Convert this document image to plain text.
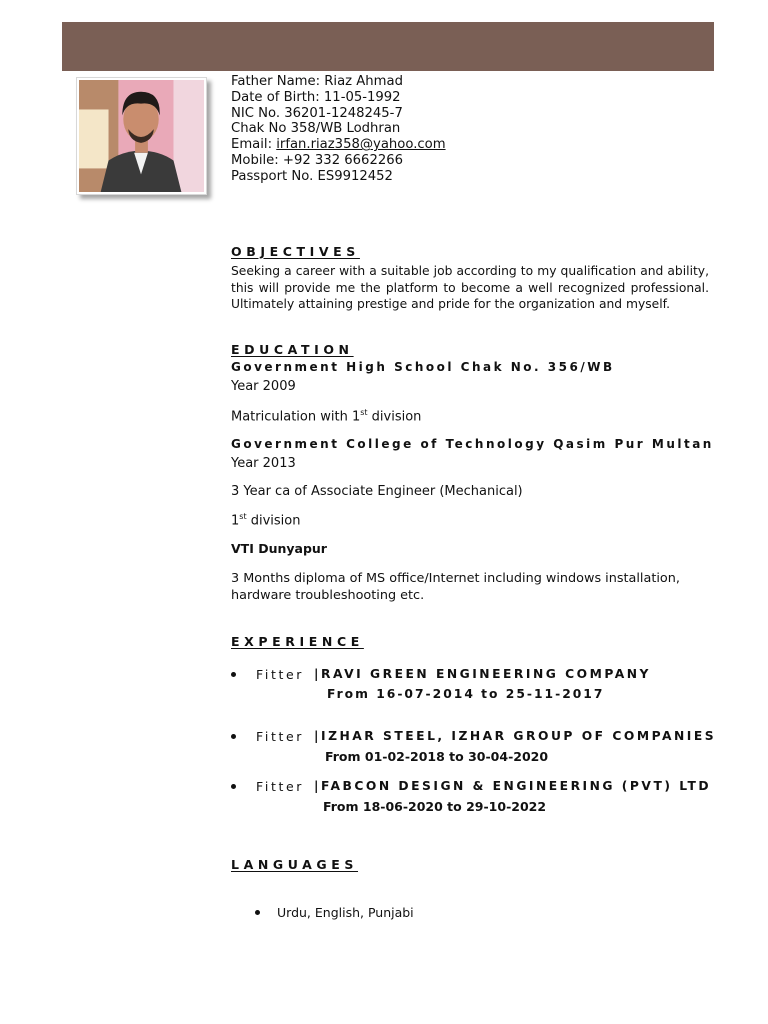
Father Name: Riaz Ahmad
Date of Birth: 11-05-1992
NIC No. 36201-1248245-7
Chak No 358/WB Lodhran
Email: irfan.riaz358@yahoo.com
Mobile: +92 332 6662266
Passport No. ES9912452
OBJECTIVES
Seeking a career with a suitable job according to my qualification and ability, this will provide me the platform to become a well recognized professional. Ultimately attaining prestige and pride for the organization and myself.
EDUCATION
Government High School Chak No. 356/WB
Year 2009
Matriculation with 1st division
Government College of Technology Qasim Pur Multan
Year 2013
3 Year ca of Associate Engineer (Mechanical)
1st division
VTI Dunyapur
3 Months diploma of MS office/Internet including windows installation, hardware troubleshooting etc.
EXPERIENCE
Fitter |RAVI GREEN ENGINEERING COMPANY
From 16-07-2014 to 25-11-2017
Fitter |IZHAR STEEL, IZHAR GROUP OF COMPANIES
From 01-02-2018 to 30-04-2020
Fitter |FABCON DESIGN & ENGINEERING (PVT) LTD
From 18-06-2020 to 29-10-2022
LANGUAGES
Urdu, English, Punjabi
